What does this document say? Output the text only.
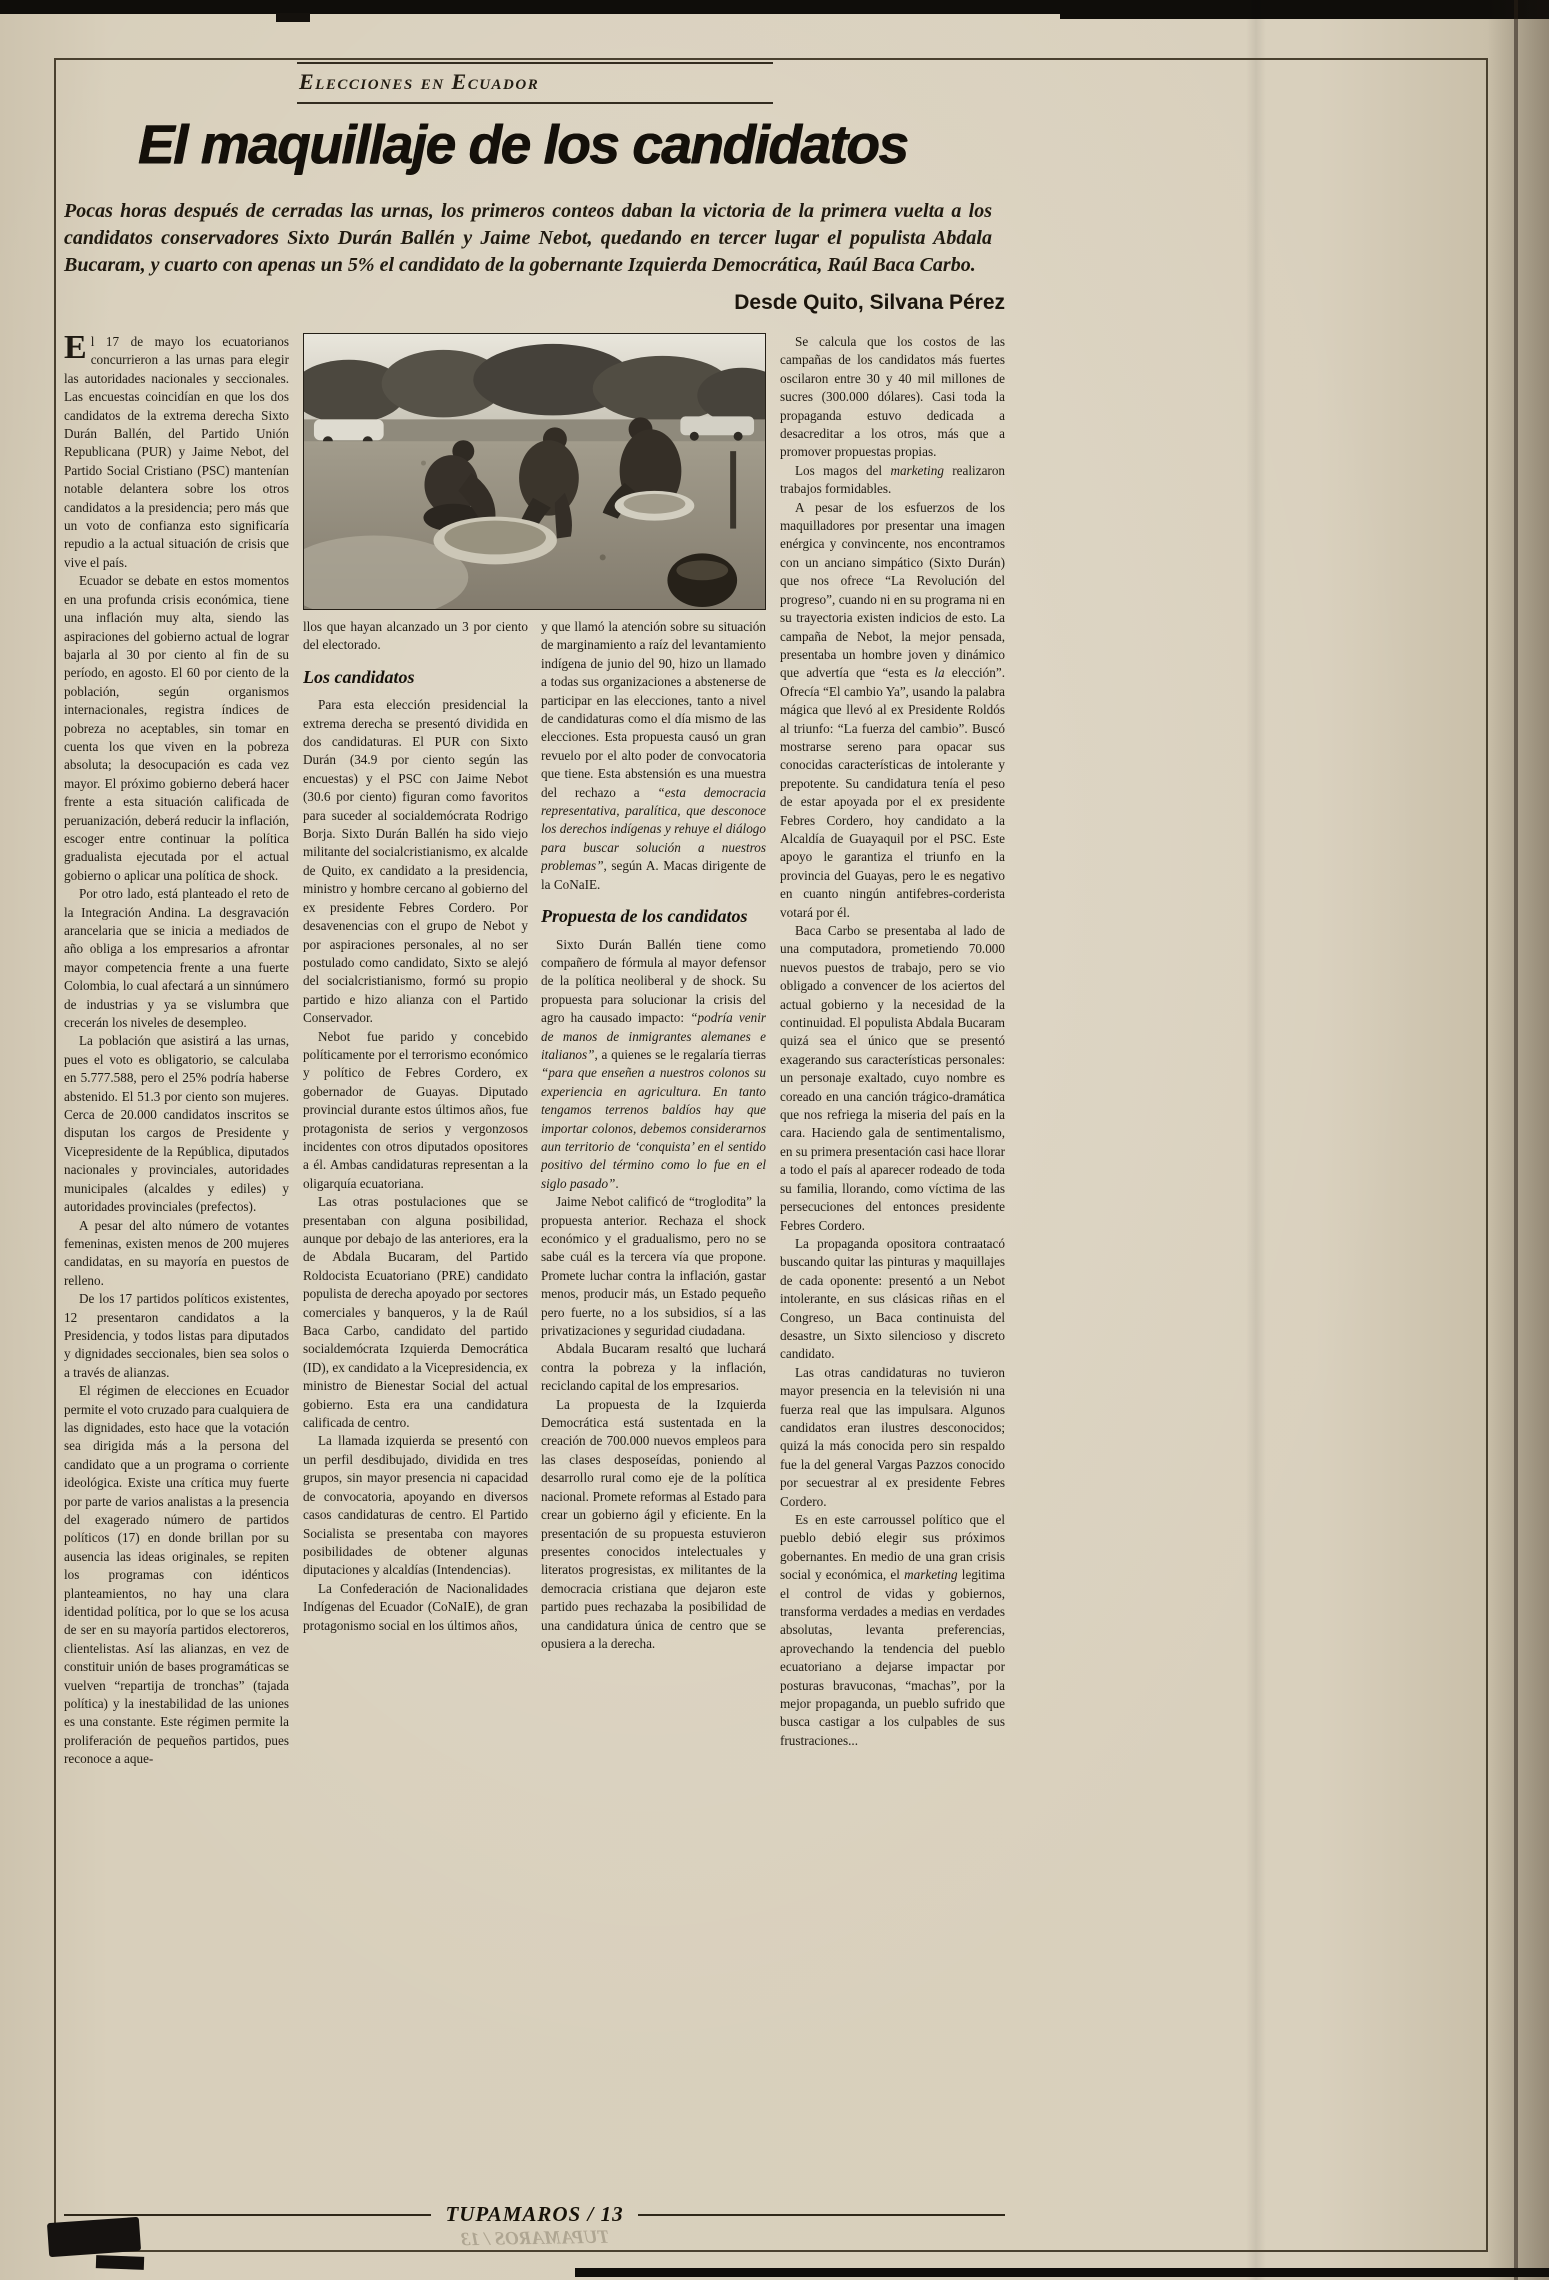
Elecciones en Ecuador
El maquillaje de los candidatos

Pocas horas después de cerradas las urnas, los primeros conteos daban la victoria de la primera vuelta a los candidatos conservadores Sixto Durán Ballén y Jaime Nebot, quedando en tercer lugar el populista Abdala Bucaram, y cuarto con apenas un 5% el candidato de la gobernante Izquierda Democrática, Raúl Baca Carbo.

Desde Quito, Silvana Pérez

El 17 de mayo los ecuatorianos concurrieron a las urnas para elegir las autoridades nacionales y seccionales. Las encuestas coincidían en que los dos candidatos de la extrema derecha Sixto Durán Ballén, del Partido Unión Republicana (PUR) y Jaime Nebot, del Partido Social Cristiano (PSC) mantenían notable delantera sobre los otros candidatos a la presidencia; pero más que un voto de confianza esto significaría repudio a la actual situación de crisis que vive el país.

Ecuador se debate en estos momentos en una profunda crisis económica, tiene una inflación muy alta, siendo las aspiraciones del gobierno actual de lograr bajarla al 30 por ciento al fin de su período, en agosto. El 60 por ciento de la población, según organismos internacionales, registra índices de pobreza no aceptables, sin tomar en cuenta los que viven en la pobreza absoluta; la desocupación es cada vez mayor. El próximo gobierno deberá hacer frente a esta situación calificada de peruanización, deberá reducir la inflación, escoger entre continuar la política gradualista ejecutada por el actual gobierno o aplicar una política de shock.

Por otro lado, está planteado el reto de la Integración Andina. La desgravación arancelaria que se inicia a mediados de año obliga a los empresarios a afrontar mayor competencia frente a una fuerte Colombia, lo cual afectará a un sinnúmero de industrias y ya se vislumbra que crecerán los niveles de desempleo.

La población que asistirá a las urnas, pues el voto es obligatorio, se calculaba en 5.777.588, pero el 25% podría haberse abstenido. El 51.3 por ciento son mujeres. Cerca de 20.000 candidatos inscritos se disputan los cargos de Presidente y Vicepresidente de la República, diputados nacionales y provinciales, autoridades municipales (alcaldes y ediles) y autoridades provinciales (prefectos).

A pesar del alto número de votantes femeninas, existen menos de 200 mujeres candidatas, en su mayoría en puestos de relleno.

De los 17 partidos políticos existentes, 12 presentaron candidatos a la Presidencia, y todos listas para diputados y dignidades seccionales, bien sea solos o a través de alianzas.

El régimen de elecciones en Ecuador permite el voto cruzado para cualquiera de las dignidades, esto hace que la votación sea dirigida más a la persona del candidato que a un programa o corriente ideológica. Existe una crítica muy fuerte por parte de varios analistas a la presencia del exagerado número de partidos políticos (17) en donde brillan por su ausencia las ideas originales, se repiten los programas con idénticos planteamientos, no hay una clara identidad política, por lo que se los acusa de ser en su mayoría partidos electoreros, clientelistas. Así las alianzas, en vez de constituir unión de bases programáticas se vuelven “repartija de tronchas” (tajada política) y la inestabilidad de las uniones es una constante. Este régimen permite la proliferación de pequeños partidos, pues reconoce a aque-

llos que hayan alcanzado un 3 por ciento del electorado.

Los candidatos

Para esta elección presidencial la extrema derecha se presentó dividida en dos candidaturas. El PUR con Sixto Durán (34.9 por ciento según las encuestas) y el PSC con Jaime Nebot (30.6 por ciento) figuran como favoritos para suceder al socialdemócrata Rodrigo Borja. Sixto Durán Ballén ha sido viejo militante del socialcristianismo, ex alcalde de Quito, ex candidato a la presidencia, ministro y hombre cercano al gobierno del ex presidente Febres Cordero. Por desavenencias con el grupo de Nebot y por aspiraciones personales, al no ser postulado como candidato, Sixto se alejó del socialcristianismo, formó su propio partido e hizo alianza con el Partido Conservador.

Nebot fue parido y concebido políticamente por el terrorismo económico y político de Febres Cordero, ex gobernador de Guayas. Diputado provincial durante estos últimos años, fue protagonista de serios y vergonzosos incidentes con otros diputados opositores a él. Ambas candidaturas representan a la oligarquía ecuatoriana.

Las otras postulaciones que se presentaban con alguna posibilidad, aunque por debajo de las anteriores, era la de Abdala Bucaram, del Partido Roldocista Ecuatoriano (PRE) candidato populista de derecha apoyado por sectores comerciales y banqueros, y la de Raúl Baca Carbo, candidato del partido socialdemócrata Izquierda Democrática (ID), ex candidato a la Vicepresidencia, ex ministro de Bienestar Social del actual gobierno. Esta era una candidatura calificada de centro.

La llamada izquierda se presentó con un perfil desdibujado, dividida en tres grupos, sin mayor presencia ni capacidad de convocatoria, apoyando en diversos casos candidaturas de centro. El Partido Socialista se presentaba con mayores posibilidades de obtener algunas diputaciones y alcaldías (Intendencias).

La Confederación de Nacionalidades Indígenas del Ecuador (CoNaIE), de gran protagonismo social en los últimos años,

y que llamó la atención sobre su situación de marginamiento a raíz del levantamiento indígena de junio del 90, hizo un llamado a todas sus organizaciones a abstenerse de participar en las elecciones, tanto a nivel de candidaturas como el día mismo de las elecciones. Esta propuesta causó un gran revuelo por el alto poder de convocatoria que tiene. Esta abstensión es una muestra del rechazo a “esta democracia representativa, paralítica, que desconoce los derechos indígenas y rehuye el diálogo para buscar solución a nuestros problemas”, según A. Macas dirigente de la CoNaIE.

Propuesta de los candidatos

Sixto Durán Ballén tiene como compañero de fórmula al mayor defensor de la política neoliberal y de shock. Su propuesta para solucionar la crisis del agro ha causado impacto: “podría venir de manos de inmigrantes alemanes e italianos”, a quienes se le regalaría tierras “para que enseñen a nuestros colonos su experiencia en agricultura. En tanto tengamos terrenos baldíos hay que importar colonos, debemos considerarnos aun territorio de ‘conquista’ en el sentido positivo del término como lo fue en el siglo pasado”.

Jaime Nebot calificó de “troglodita” la propuesta anterior. Rechaza el shock económico y el gradualismo, pero no se sabe cuál es la tercera vía que propone. Promete luchar contra la inflación, gastar menos, producir más, un Estado pequeño pero fuerte, no a los subsidios, sí a las privatizaciones y seguridad ciudadana.

Abdala Bucaram resaltó que luchará contra la pobreza y la inflación, reciclando capital de los empresarios.

La propuesta de la Izquierda Democrática está sustentada en la creación de 700.000 nuevos empleos para las clases desposeídas, poniendo al desarrollo rural como eje de la política nacional. Promete reformas al Estado para crear un gobierno ágil y eficiente. En la presentación de su propuesta estuvieron presentes conocidos intelectuales y literatos progresistas, ex militantes de la democracia cristiana que dejaron este partido pues rechazaba la posibilidad de una candidatura única de centro que se opusiera a la derecha.

Se calcula que los costos de las campañas de los candidatos más fuertes oscilaron entre 30 y 40 mil millones de sucres (300.000 dólares). Casi toda la propaganda estuvo dedicada a desacreditar a los otros, más que a promover propuestas propias.

Los magos del marketing realizaron trabajos formidables.

A pesar de los esfuerzos de los maquilladores por presentar una imagen enérgica y convincente, nos encontramos con un anciano simpático (Sixto Durán) que nos ofrece “La Revolución del progreso”, cuando ni en su programa ni en su trayectoria existen indicios de esto. La campaña de Nebot, la mejor pensada, presentaba un hombre joven y dinámico que advertía que “esta es la elección”. Ofrecía “El cambio Ya”, usando la palabra mágica que llevó al ex Presidente Roldós al triunfo: “La fuerza del cambio”. Buscó mostrarse sereno para opacar sus conocidas características de intolerante y prepotente. Su candidatura tenía el peso de estar apoyada por el ex presidente Febres Cordero, hoy candidato a la Alcaldía de Guayaquil por el PSC. Este apoyo le garantiza el triunfo en la provincia del Guayas, pero le es negativo en cuanto ningún antifebres-corderista votará por él.

Baca Carbo se presentaba al lado de una computadora, prometiendo 70.000 nuevos puestos de trabajo, pero se vio obligado a convencer de los aciertos del actual gobierno y la necesidad de la continuidad. El populista Abdala Bucaram quizá sea el único que se presentó exagerando sus características personales: un personaje exaltado, cuyo nombre es coreado en una canción trágico-dramática que nos refriega la miseria del país en la cara. Haciendo gala de sentimentalismo, en su primera presentación casi hace llorar a todo el país al aparecer rodeado de toda su familia, llorando, como víctima de las persecuciones del entonces presidente Febres Cordero.

La propaganda opositora contraatacó buscando quitar las pinturas y maquillajes de cada oponente: presentó a un Nebot intolerante, en sus clásicas riñas en el Congreso, un Baca continuista del desastre, un Sixto silencioso y discreto candidato.

Las otras candidaturas no tuvieron mayor presencia en la televisión ni una fuerza real que las impulsara. Algunos candidatos eran ilustres desconocidos; quizá la más conocida pero sin respaldo fue la del general Vargas Pazzos conocido por secuestrar al ex presidente Febres Cordero.

Es en este carroussel político que el pueblo debió elegir sus próximos gobernantes. En medio de una gran crisis social y económica, el marketing legitima el control de vidas y gobiernos, transforma verdades a medias en verdades absolutas, levanta preferencias, aprovechando la tendencia del pueblo ecuatoriano a dejarse impactar por posturas bravuconas, “machas”, por la mejor propaganda, un pueblo sufrido que busca castigar a los culpables de sus frustraciones...

TUPAMAROS / 13
TUPAMAROS / 13
